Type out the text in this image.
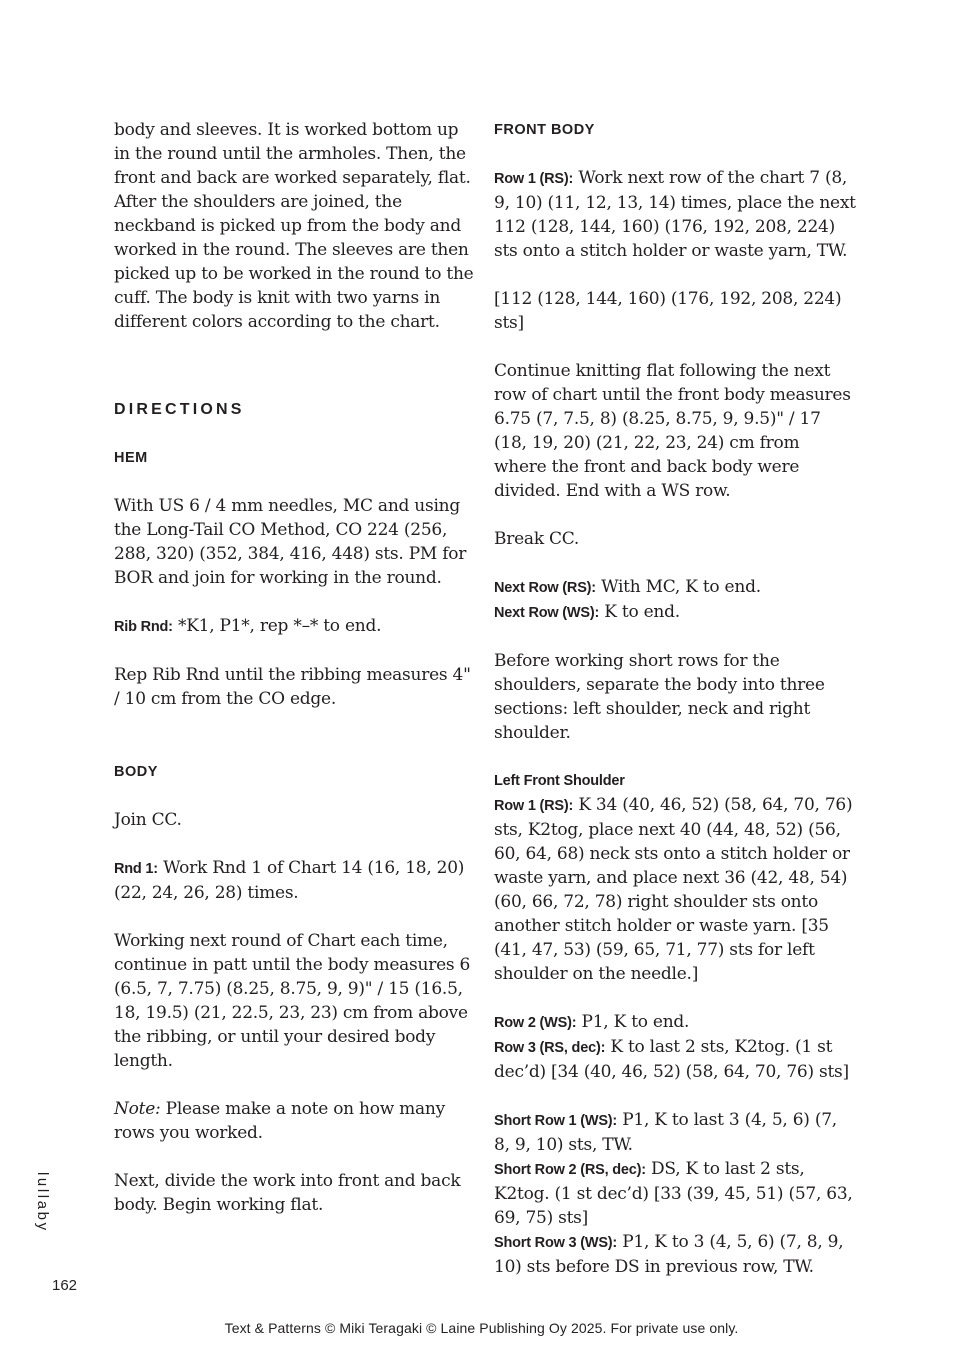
body and sleeves. It is worked bottom up in the round until the armholes. Then, the front and back are worked separately, flat. After the shoulders are joined, the neckband is picked up from the body and worked in the round. The sleeves are then picked up to be worked in the round to the cuff. The body is knit with two yarns in different colors according to the chart.

DIRECTIONS
HEM

With US 6 / 4 mm needles, MC and using the Long-Tail CO Method, CO 224 (256, 288, 320) (352, 384, 416, 448) sts. PM for BOR and join for working in the round.

Rib Rnd: *K1, P1*, rep *–* to end.

Rep Rib Rnd until the ribbing measures 4" / 10 cm from the CO edge.

BODY

Join CC.

Rnd 1: Work Rnd 1 of Chart 14 (16, 18, 20) (22, 24, 26, 28) times.

Working next round of Chart each time, continue in patt until the body measures 6 (6.5, 7, 7.75) (8.25, 8.75, 9, 9)" / 15 (16.5, 18, 19.5) (21, 22.5, 23, 23) cm from above the ribbing, or until your desired body length.

Note: Please make a note on how many rows you worked.

Next, divide the work into front and back body. Begin working flat.

FRONT BODY

Row 1 (RS): Work next row of the chart 7 (8, 9, 10) (11, 12, 13, 14) times, place the next 112 (128, 144, 160) (176, 192, 208, 224) sts onto a stitch holder or waste yarn, TW.

[112 (128, 144, 160) (176, 192, 208, 224) sts]

Continue knitting flat following the next row of chart until the front body measures 6.75 (7, 7.5, 8) (8.25, 8.75, 9, 9.5)" / 17 (18, 19, 20) (21, 22, 23, 24) cm from where the front and back body were divided. End with a WS row.

Break CC.

Next Row (RS): With MC, K to end.

Next Row (WS): K to end.

Before working short rows for the shoulders, separate the body into three sections: left shoulder, neck and right shoulder.

Left Front Shoulder

Row 1 (RS): K 34 (40, 46, 52) (58, 64, 70, 76) sts, K2tog, place next 40 (44, 48, 52) (56, 60, 64, 68) neck sts onto a stitch holder or waste yarn, and place next 36 (42, 48, 54) (60, 66, 72, 78) right shoulder sts onto another stitch holder or waste yarn. [35 (41, 47, 53) (59, 65, 71, 77) sts for left shoulder on the needle.]

Row 2 (WS): P1, K to end.

Row 3 (RS, dec): K to last 2 sts, K2tog. (1 st dec’d) [34 (40, 46, 52) (58, 64, 70, 76) sts]

Short Row 1 (WS): P1, K to last 3 (4, 5, 6) (7, 8, 9, 10) sts, TW.

Short Row 2 (RS, dec): DS, K to last 2 sts, K2tog. (1 st dec’d) [33 (39, 45, 51) (57, 63, 69, 75) sts]

Short Row 3 (WS): P1, K to 3 (4, 5, 6) (7, 8, 9, 10) sts before DS in previous row, TW.

lullaby
162
Text & Patterns © Miki Teragaki © Laine Publishing Oy 2025. For private use only.
